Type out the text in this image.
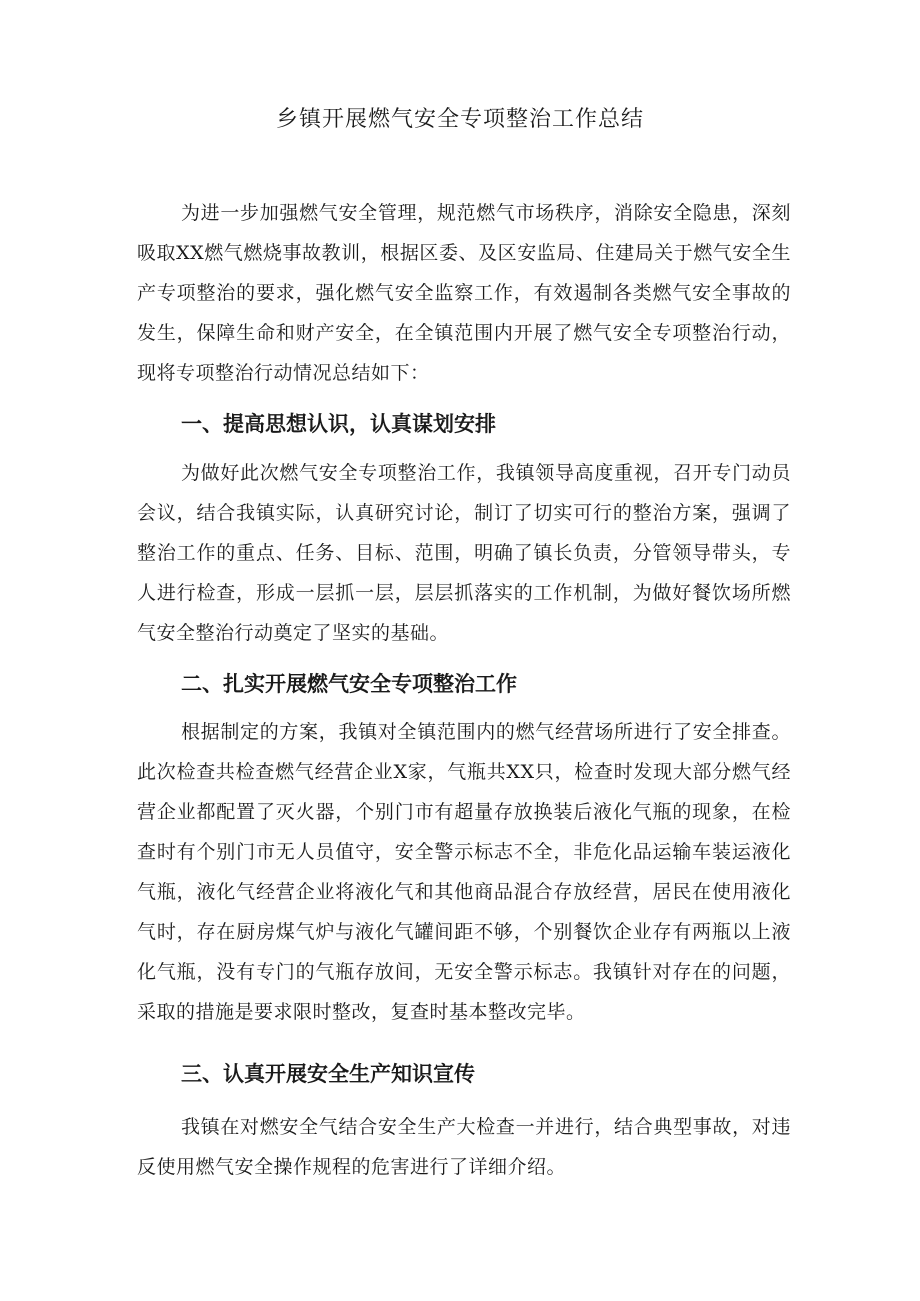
乡镇开展燃气安全专项整治工作总结

为进一步加强燃气安全管理，规范燃气市场秩序，消除安全隐患，深刻吸取XX燃气燃烧事故教训，根据区委、及区安监局、住建局关于燃气安全生产专项整治的要求，强化燃气安全监察工作，有效遏制各类燃气安全事故的发生，保障生命和财产安全，在全镇范围内开展了燃气安全专项整治行动，现将专项整治行动情况总结如下：

一、提高思想认识，认真谋划安排

为做好此次燃气安全专项整治工作，我镇领导高度重视，召开专门动员会议，结合我镇实际，认真研究讨论，制订了切实可行的整治方案，强调了整治工作的重点、任务、目标、范围，明确了镇长负责，分管领导带头，专人进行检查，形成一层抓一层，层层抓落实的工作机制，为做好餐饮场所燃气安全整治行动奠定了坚实的基础。

二、扎实开展燃气安全专项整治工作

根据制定的方案，我镇对全镇范围内的燃气经营场所进行了安全排查。此次检查共检查燃气经营企业X家，气瓶共XX只，检查时发现大部分燃气经营企业都配置了灭火器，个别门市有超量存放换装后液化气瓶的现象，在检查时有个别门市无人员值守，安全警示标志不全，非危化品运输车装运液化气瓶，液化气经营企业将液化气和其他商品混合存放经营，居民在使用液化气时，存在厨房煤气炉与液化气罐间距不够，个别餐饮企业存有两瓶以上液化气瓶，没有专门的气瓶存放间，无安全警示标志。我镇针对存在的问题，采取的措施是要求限时整改，复查时基本整改完毕。

三、认真开展安全生产知识宣传

我镇在对燃安全气结合安全生产大检查一并进行，结合典型事故，对违反使用燃气安全操作规程的危害进行了详细介绍。
